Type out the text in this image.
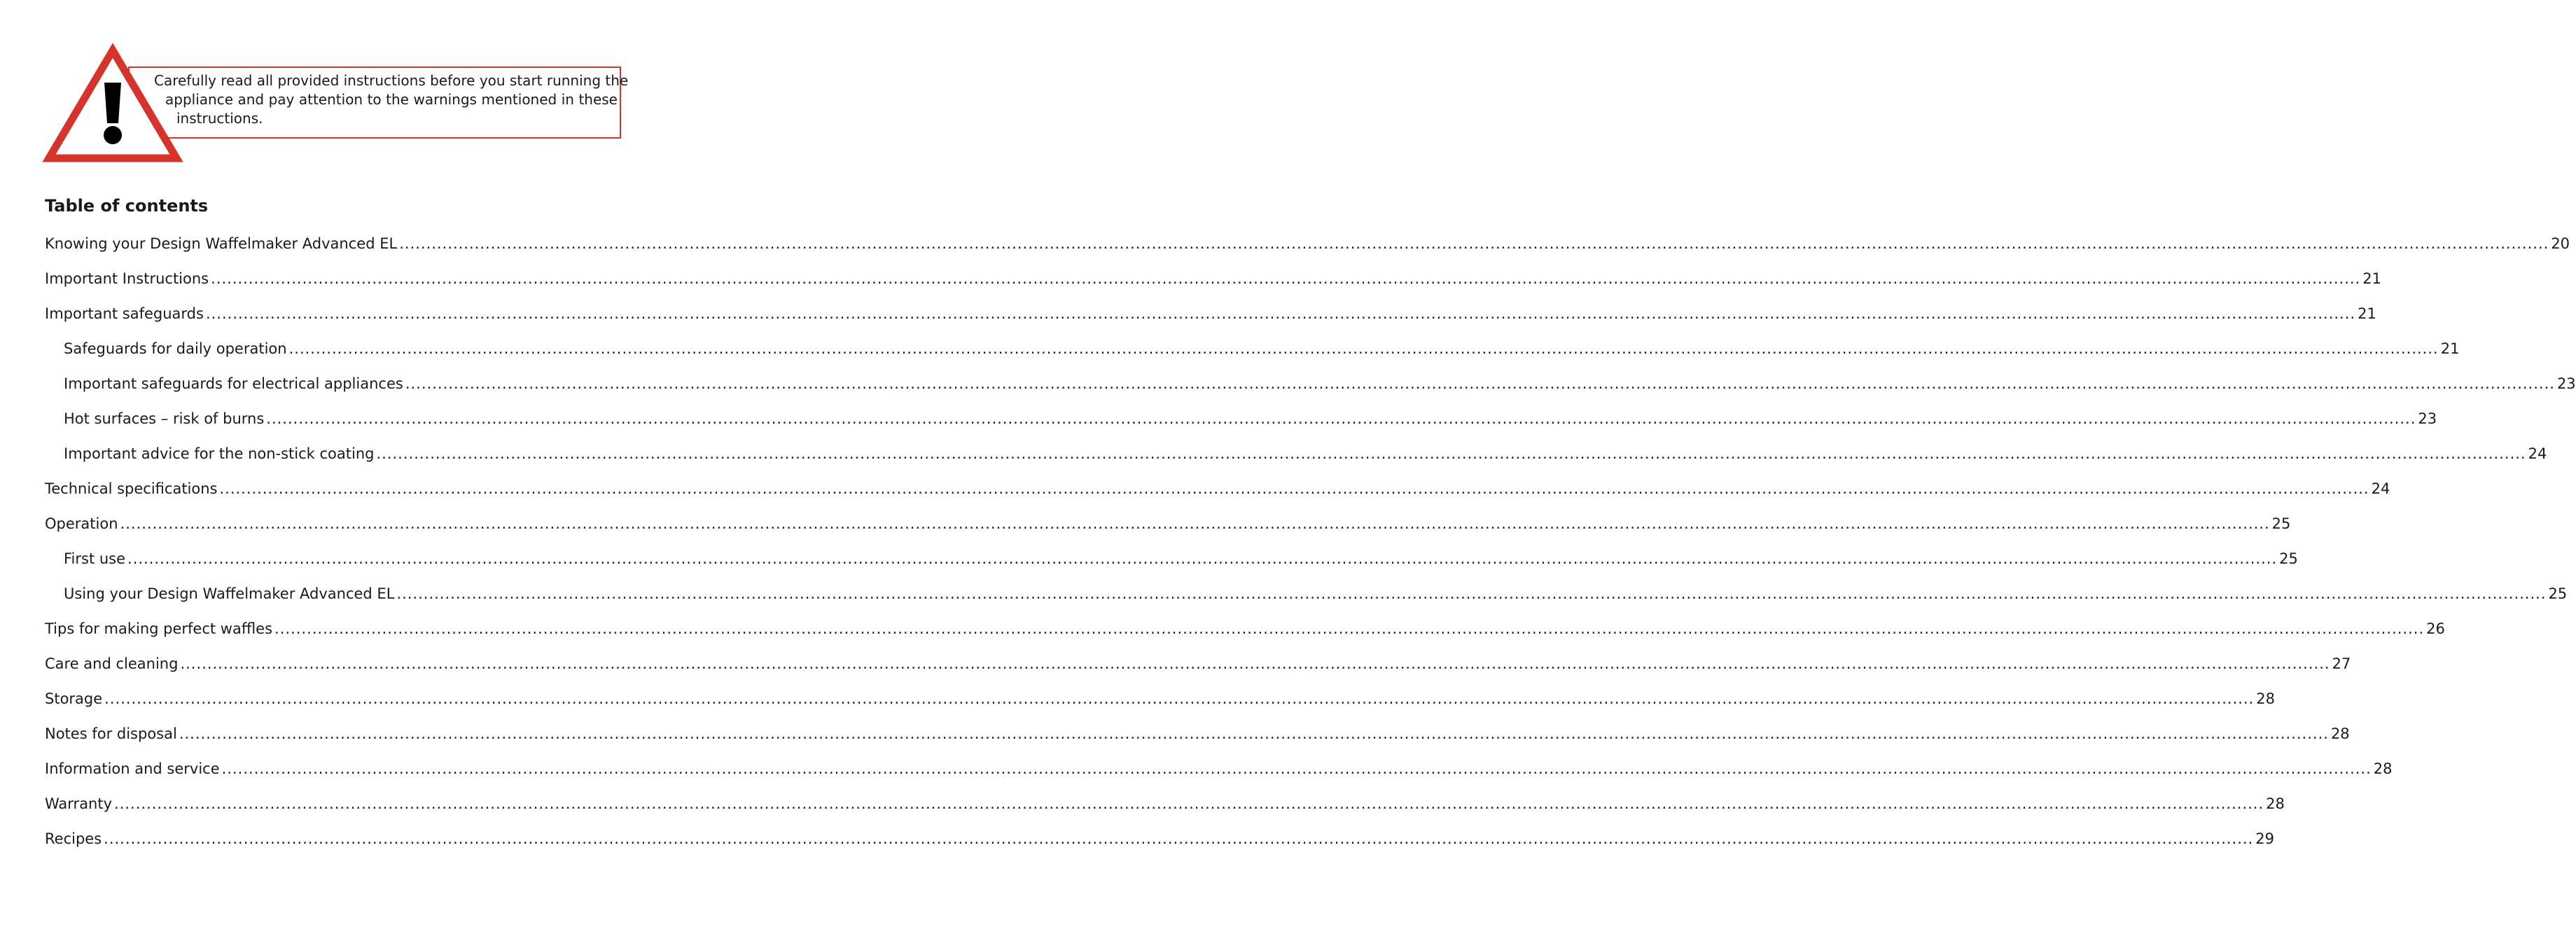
Carefully read all provided instructions before you start running the
appliance and pay attention to the warnings mentioned in these
instructions.
Table of contents
Knowing your Design Waffelmaker Advanced EL ................................................................................................................................................................................................................................................................................................................................................................................................................ 20
Important Instructions ................................................................................................................................................................................................................................................................................................................................................................................................................ 21
Important safeguards ................................................................................................................................................................................................................................................................................................................................................................................................................ 21
Safeguards for daily operation ................................................................................................................................................................................................................................................................................................................................................................................................................ 21
Important safeguards for electrical appliances ................................................................................................................................................................................................................................................................................................................................................................................................................ 23
Hot surfaces – risk of burns ................................................................................................................................................................................................................................................................................................................................................................................................................ 23
Important advice for the non-stick coating ................................................................................................................................................................................................................................................................................................................................................................................................................ 24
Technical specifications ................................................................................................................................................................................................................................................................................................................................................................................................................ 24
Operation ................................................................................................................................................................................................................................................................................................................................................................................................................ 25
First use ................................................................................................................................................................................................................................................................................................................................................................................................................ 25
Using your Design Waffelmaker Advanced EL ................................................................................................................................................................................................................................................................................................................................................................................................................ 25
Tips for making perfect waffles ................................................................................................................................................................................................................................................................................................................................................................................................................ 26
Care and cleaning ................................................................................................................................................................................................................................................................................................................................................................................................................ 27
Storage ................................................................................................................................................................................................................................................................................................................................................................................................................ 28
Notes for disposal ................................................................................................................................................................................................................................................................................................................................................................................................................ 28
Information and service ................................................................................................................................................................................................................................................................................................................................................................................................................ 28
Warranty ................................................................................................................................................................................................................................................................................................................................................................................................................ 28
Recipes ................................................................................................................................................................................................................................................................................................................................................................................................................ 29
